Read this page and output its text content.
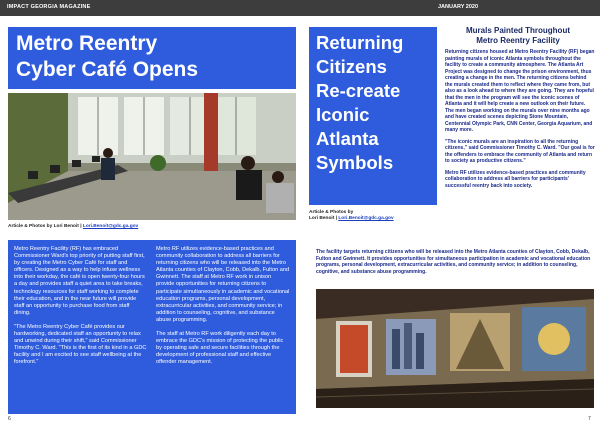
IMPACT GEORGIA MAGAZINE	JANUARY 2020
Metro Reentry
Cyber Café Opens
Article & Photos by Lori Benoit | Lori.Benoit@gdc.ga.gov

Metro Reentry Facility (RF) has embraced Commissioner Ward's top priority of putting staff first, by creating the Metro Cyber Café for staff and officers. Designed as a way to help infuse wellness into their workday, the café is open twenty-four hours a day and provides staff a quiet area to take breaks, technology resources for staff working to complete their education, and in the near future will provide staff an opportunity to purchase food from staff dining.

"The Metro Reentry Cyber Café provides our hardworking, dedicated staff an opportunity to relax and unwind during their shift," said Commissioner Timothy C. Ward. "This is the first of its kind in a GDC facility and I am excited to see staff wellbeing at the forefront."

Metro RF utilizes evidence-based practices and community collaboration to address all barriers for returning citizens who will be released into the Metro Atlanta counties of Clayton, Cobb, Dekalb, Fulton and Gwinnett. The staff at Metro RF work in unison provide opportunities for returning citizens to participate simultaneously in academic and vocational education programs, personal development, extracurricular activities, and community service; in addition to counseling, cognitive, and substance abuse programming.

The staff at Metro RF work diligently each day to embrace the GDC's mission of protecting the public by operating safe and secure facilities through the development of professional staff and effective offender management.

6
Returning
Citizens
Re-create
Iconic
Atlanta
Symbols
Article & Photos by
Lori Benoit | Lori.Benoit@gdc.ga.gov
Murals Painted Throughout
Metro Reentry Facility

Returning citizens housed at Metro Reentry Facility (RF) began painting murals of iconic Atlanta symbols throughout the facility to create a community atmosphere. The Atlanta Art Project was designed to change the prison environment, thus creating a change in the men. The returning citizens behind the murals created them to reflect where they came from, but also as a look ahead to where they are going. They are hopeful that the men in the program will see the iconic scenes of Atlanta and it will help create a new outlook on their future. The men began working on the murals over nine months ago and have created scenes depicting Stone Mountain, Centennial Olympic Park, CNN Center, Georgia Aquarium, and many more.

"The iconic murals are an inspiration to all the returning citizens," said Commissioner Timothy C. Ward. "Our goal is for the offenders to embrace the community of Atlanta and return to society as productive citizens."

Metro RF utilizes evidence-based practices and community collaboration to address all barriers for participants' successful reentry back into society.

The facility targets returning citizens who will be released into the Metro Atlanta counties of Clayton, Cobb, Dekalb, Fulton and Gwinnett. It provides opportunities for simultaneous participation in academic and vocational education programs, personal development, extracurricular activities, and community service; in addition to counseling, cognitive, and substance abuse programming.
7
